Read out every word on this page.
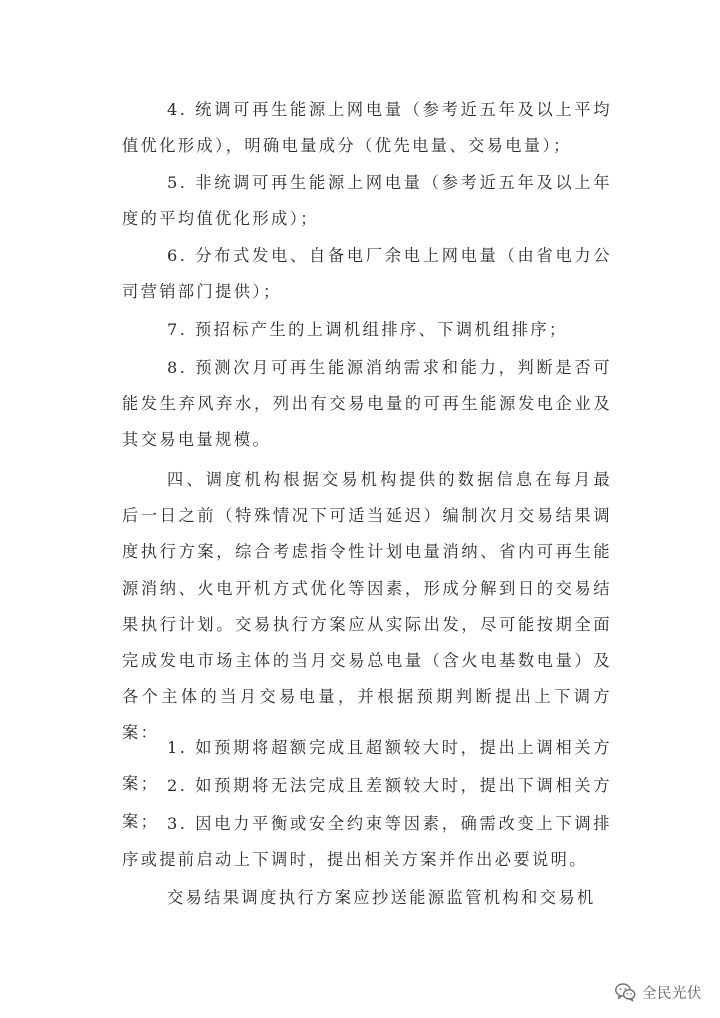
4. 统调可再生能源上网电量（参考近五年及以上平均值优化形成），明确电量成分（优先电量、交易电量）；

5. 非统调可再生能源上网电量（参考近五年及以上年度的平均值优化形成）；

6. 分布式发电、自备电厂余电上网电量（由省电力公司营销部门提供）；

7. 预招标产生的上调机组排序、下调机组排序；

8. 预测次月可再生能源消纳需求和能力，判断是否可能发生弃风弃水，列出有交易电量的可再生能源发电企业及其交易电量规模。

四、调度机构根据交易机构提供的数据信息在每月最后一日之前（特殊情况下可适当延迟）编制次月交易结果调度执行方案，综合考虑指令性计划电量消纳、省内可再生能源消纳、火电开机方式优化等因素，形成分解到日的交易结果执行计划。交易执行方案应从实际出发，尽可能按期全面完成发电市场主体的当月交易总电量（含火电基数电量）及各个主体的当月交易电量，并根据预期判断提出上下调方案：

1. 如预期将超额完成且超额较大时，提出上调相关方案； 2. 如预期将无法完成且差额较大时，提出下调相关方案； 3. 因电力平衡或安全约束等因素，确需改变上下调排序或提前启动上下调时，提出相关方案并作出必要说明。

交易结果调度执行方案应抄送能源监管机构和交易机

全民光伏
